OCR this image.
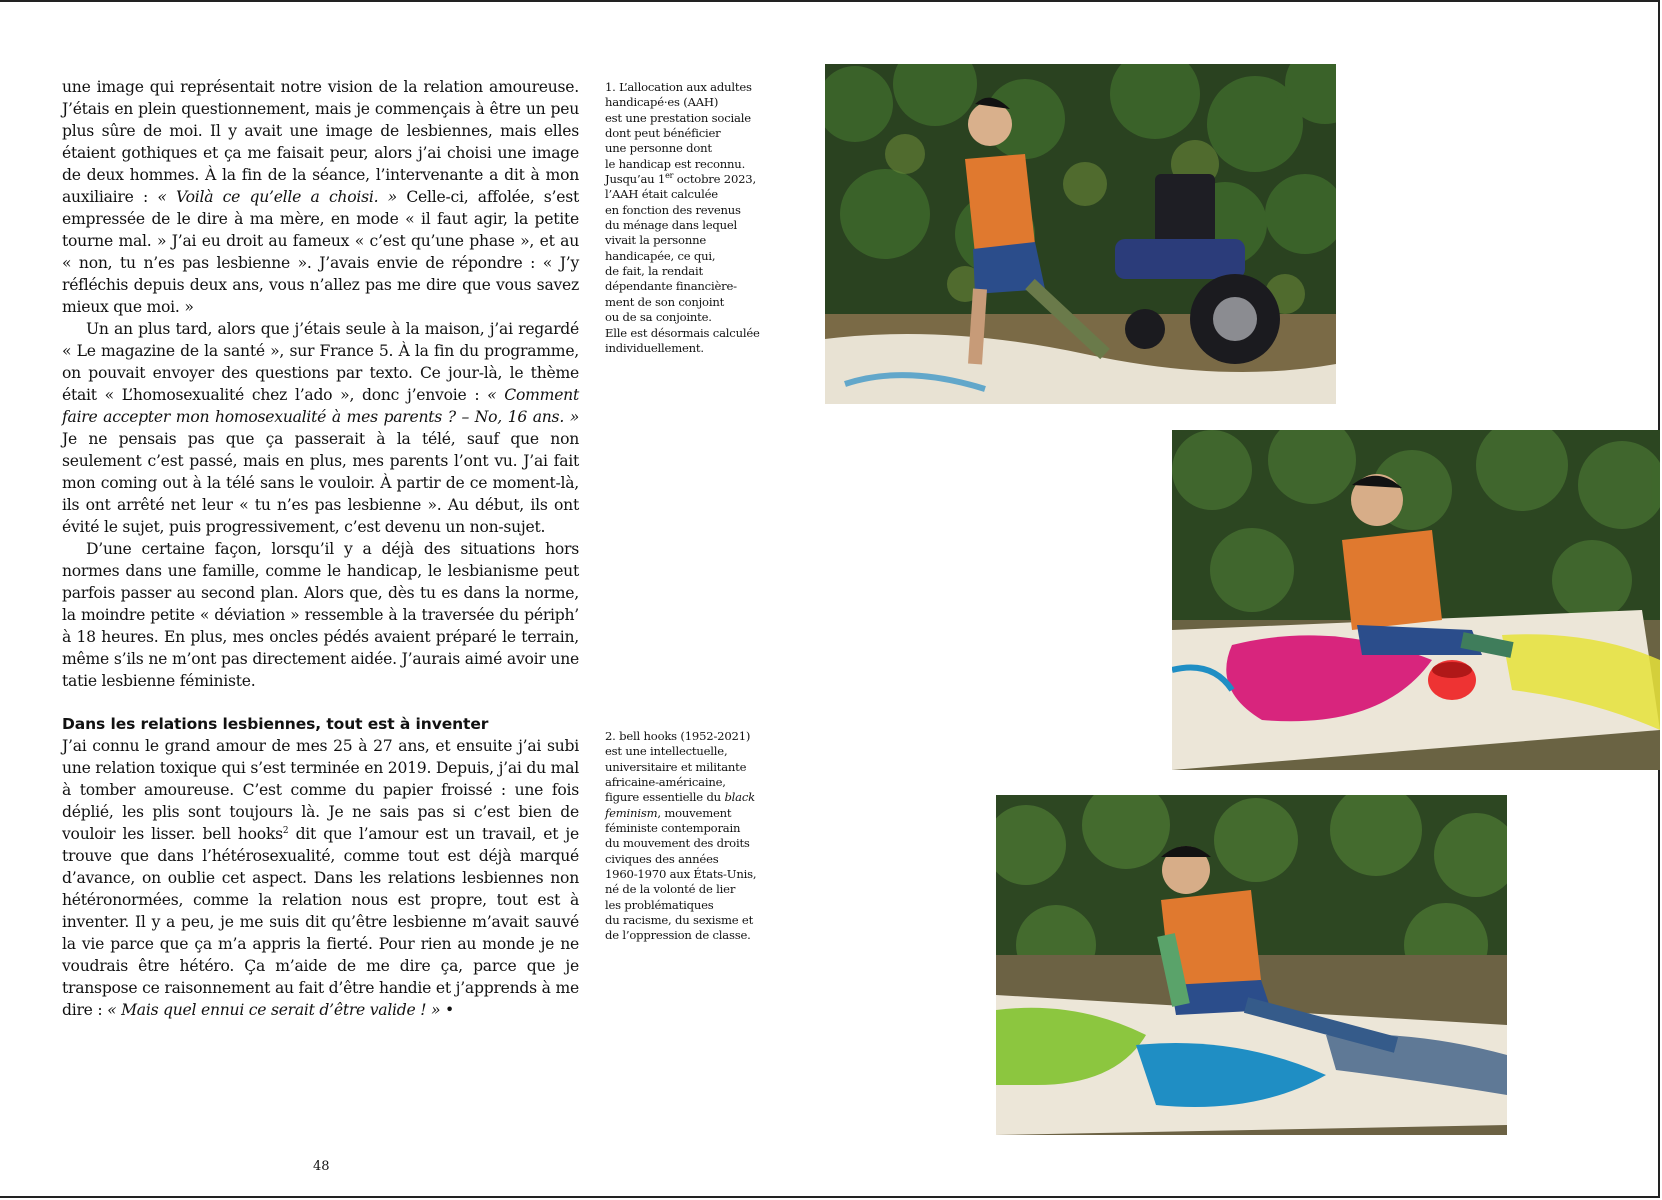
une image qui représentait notre vision de la relation amoureuse. J’étais en plein questionnement, mais je commençais à être un peu plus sûre de moi. Il y avait une image de lesbiennes, mais elles étaient gothiques et ça me faisait peur, alors j’ai choisi une image de deux hommes. À la fin de la séance, l’intervenante a dit à mon auxiliaire : « Voilà ce qu’elle a choisi. » Celle-ci, affolée, s’est empressée de le dire à ma mère, en mode « il faut agir, la petite tourne mal. » J’ai eu droit au fameux « c’est qu’une phase », et au « non, tu n’es pas lesbienne ». J’avais envie de répondre : « J’y réfléchis depuis deux ans, vous n’allez pas me dire que vous savez mieux que moi. »

Un an plus tard, alors que j’étais seule à la maison, j’ai regardé « Le magazine de la santé », sur France 5. À la fin du programme, on pouvait envoyer des questions par texto. Ce jour-là, le thème était « L’homosexualité chez l’ado », donc j’envoie : « Comment faire accepter mon homosexualité à mes parents ? – No, 16 ans. » Je ne pensais pas que ça passerait à la télé, sauf que non seulement c’est passé, mais en plus, mes parents l’ont vu. J’ai fait mon coming out à la télé sans le vouloir. À partir de ce moment-là, ils ont arrêté net leur « tu n’es pas lesbienne ». Au début, ils ont évité le sujet, puis progressivement, c’est devenu un non-sujet.

D’une certaine façon, lorsqu’il y a déjà des situations hors normes dans une famille, comme le handicap, le lesbianisme peut parfois passer au second plan. Alors que, dès tu es dans la norme, la moindre petite « déviation » ressemble à la traversée du périph’ à 18 heures. En plus, mes oncles pédés avaient préparé le terrain, même s’ils ne m’ont pas directement aidée. J’aurais aimé avoir une tatie lesbienne féministe.

Dans les relations lesbiennes, tout est à inventer

J’ai connu le grand amour de mes 25 à 27 ans, et ensuite j’ai subi une relation toxique qui s’est terminée en 2019. Depuis, j’ai du mal à tomber amoureuse. C’est comme du papier froissé : une fois déplié, les plis sont toujours là. Je ne sais pas si c’est bien de vouloir les lisser. bell hooks$^2$ dit que l’amour est un travail, et je trouve que dans l’hétérosexualité, comme tout est déjà marqué d’avance, on oublie cet aspect. Dans les relations lesbiennes non hétéronormées, comme la relation nous est propre, tout est à inventer. Il y a peu, je me suis dit qu’être lesbienne m’avait sauvé la vie parce que ça m’a appris la fierté. Pour rien au monde je ne voudrais être hétéro. Ça m’aide de me dire ça, parce que je transpose ce raisonnement au fait d’être handie et j’apprends à me dire : « Mais quel ennui ce serait d’être valide ! » •

1. L’allocation aux adultes
handicapé·es (AAH)
est une prestation sociale
dont peut bénéficier
une personne dont
le handicap est reconnu.
Jusqu’au 1er octobre 2023,
l’AAH était calculée
en fonction des revenus
du ménage dans lequel
vivait la personne
handicapée, ce qui,
de fait, la rendait
dépendante financière-
ment de son conjoint
ou de sa conjointe.
Elle est désormais calculée
individuellement.
2. bell hooks (1952-2021)
est une intellectuelle,
universitaire et militante
africaine-américaine,
figure essentielle du black feminism, mouvement
féministe contemporain
du mouvement des droits
civiques des années
1960-1970 aux États-Unis,
né de la volonté de lier
les problématiques
du racisme, du sexisme et
de l’oppression de classe.
48
